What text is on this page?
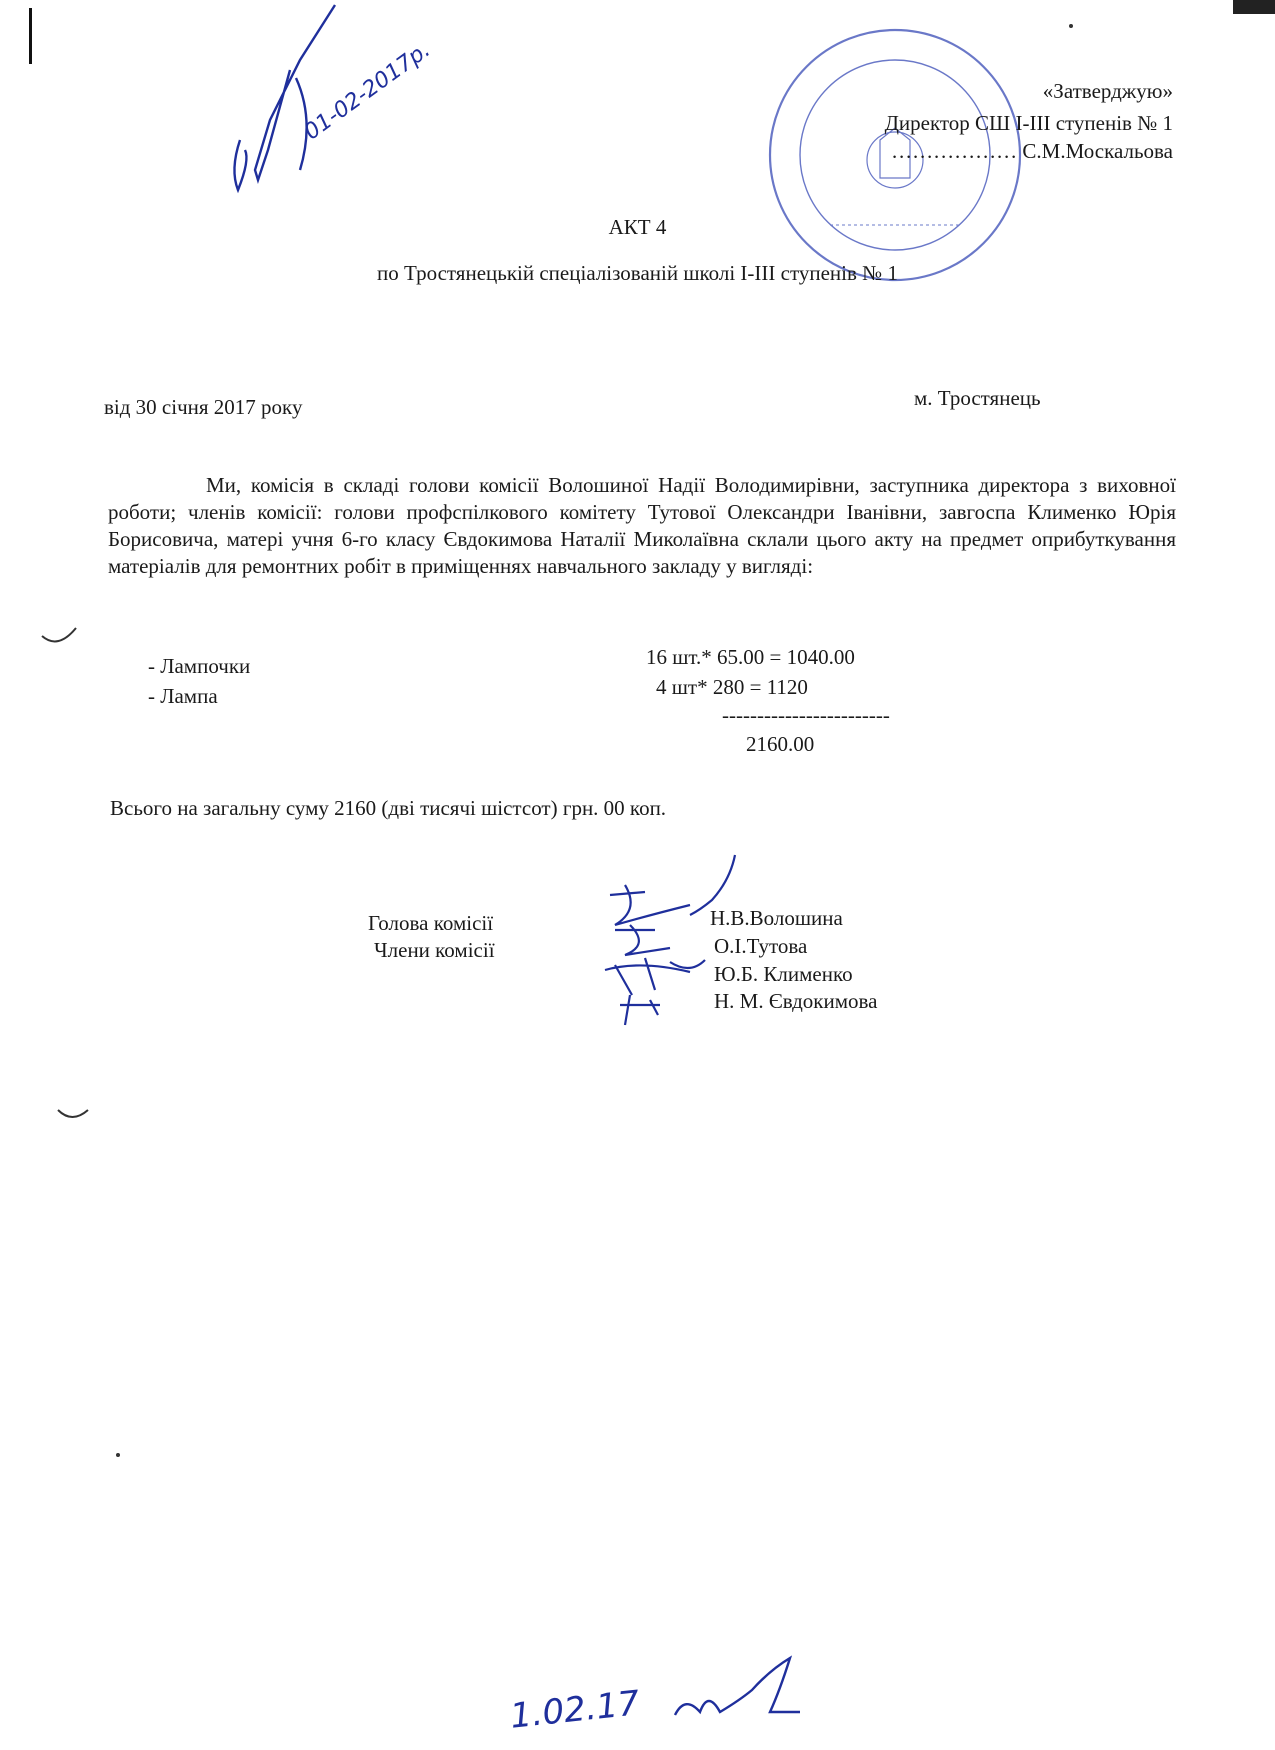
01-02-2017р.	«Затверджую»
Директор СШ І-ІІІ ступенів № 1
……………… С.М.Москальова
АКТ 4
по Тростянецькій спеціалізованій школі І-ІІІ ступенів № 1
від 30 січня 2017 року	м. Тростянець
Ми, комісія в складі голови комісії Волошиної Надії Володимирівни, заступника директора з виховної роботи; членів комісії: голови профспілкового комітету Тутової Олександри Іванівни, завгоспа Клименко Юрія Борисовича, матері учня 6-го класу Євдокимова Наталії Миколаївна склали цього акту на предмет оприбуткування матеріалів для ремонтних робіт в приміщеннях навчального закладу у вигляді:
- Лампочки	16 шт.* 65.00 = 1040.00
- Лампа	4 шт* 280 = 1120
------------------------
2160.00
Всього на загальну суму 2160 (дві тисячі шістсот) грн. 00 коп.
Голова комісії
Члени комісії
Н.В.Волошина
О.І.Тутова
Ю.Б. Клименко
Н. М. Євдокимова
1.02.17
